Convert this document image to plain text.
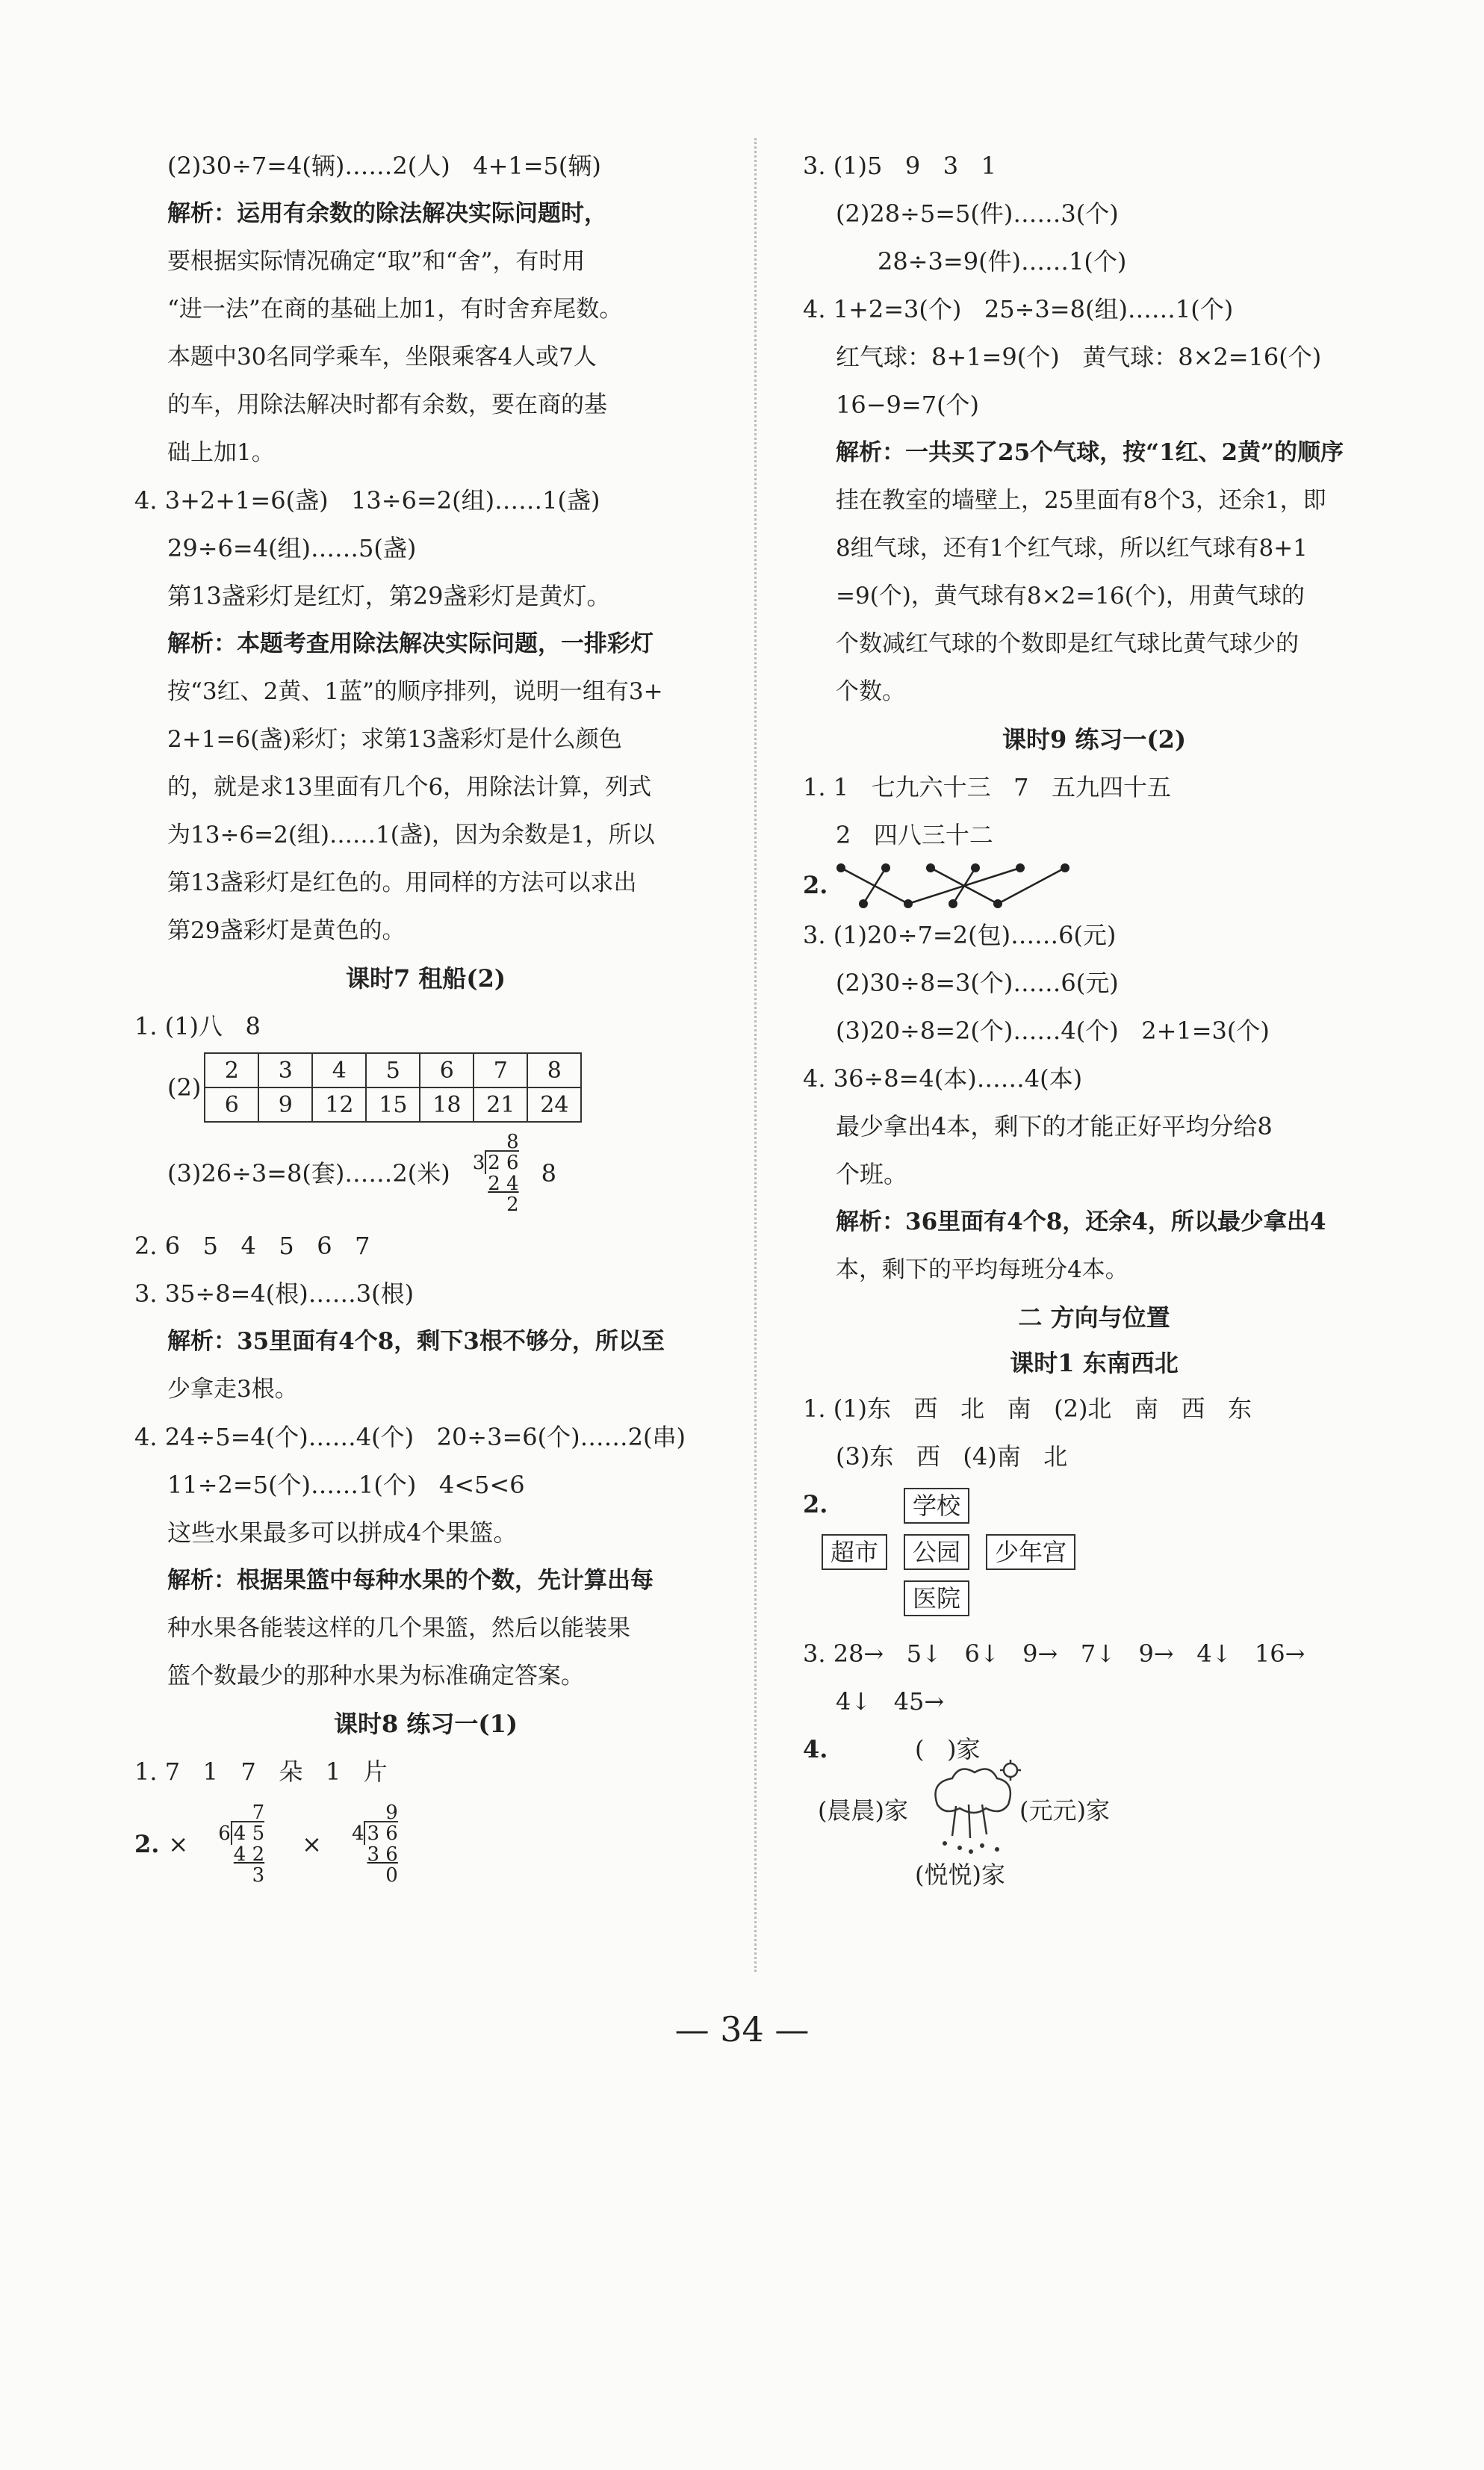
(2)30÷7=4(辆)……2(人)   4+1=5(辆)
解析：运用有余数的除法解决实际问题时，
要根据实际情况确定“取”和“舍”，有时用
“进一法”在商的基础上加1，有时舍弃尾数。
本题中30名同学乘车，坐限乘客4人或7人
的车，用除法解决时都有余数，要在商的基
础上加1。
4. 3+2+1=6(盏)   13÷6=2(组)……1(盏)
29÷6=4(组)……5(盏)
第13盏彩灯是红灯，第29盏彩灯是黄灯。
解析：本题考查用除法解决实际问题，一排彩灯
按“3红、2黄、1蓝”的顺序排列，说明一组有3+
2+1=6(盏)彩灯；求第13盏彩灯是什么颜色
的，就是求13里面有几个6，用除法计算，列式
为13÷6=2(组)……1(盏)，因为余数是1，所以
第13盏彩灯是红色的。用同样的方法可以求出
第29盏彩灯是黄色的。
课时7 租船(2)
1. (1)八   8
(2)
2	3	4	5	6	7	8
6	9	12	15	18	21	24
(3)26÷3=8(套)……2(米)
8
3 2 6
2 4
2
8
2. 6   5   4   5   6   7
3. 35÷8=4(根)……3(根)
解析：35里面有4个8，剩下3根不够分，所以至
少拿走3根。
4. 24÷5=4(个)……4(个)   20÷3=6(个)……2(串)
11÷2=5(个)……1(个)   4<5<6
这些水果最多可以拼成4个果篮。
解析：根据果篮中每种水果的个数，先计算出每
种水果各能装这样的几个果篮，然后以能装果
篮个数最少的那种水果为标准确定答案。
课时8 练习一(1)
1. 7   1   7   朵   1   片
2. ×
7
6 4 5
4 2
3
×
9
4 3 6
3 6
0
3. (1)5   9   3   1
(2)28÷5=5(件)……3(个)
28÷3=9(件)……1(个)
4. 1+2=3(个)   25÷3=8(组)……1(个)
红气球：8+1=9(个)   黄气球：8×2=16(个)
16−9=7(个)
解析：一共买了25个气球，按“1红、2黄”的顺序
挂在教室的墙壁上，25里面有8个3，还余1，即
8组气球，还有1个红气球，所以红气球有8+1
=9(个)，黄气球有8×2=16(个)，用黄气球的
个数减红气球的个数即是红气球比黄气球少的
个数。
课时9 练习一(2)
1. 1   七九六十三   7   五九四十五
2   四八三十二
2.
3. (1)20÷7=2(包)……6(元)
(2)30÷8=3(个)……6(元)
(3)20÷8=2(个)……4(个)   2+1=3(个)
4. 36÷8=4(本)……4(本)
最少拿出4本，剩下的才能正好平均分给8
个班。
解析：36里面有4个8，还余4，所以最少拿出4
本，剩下的平均每班分4本。
二 方向与位置
课时1 东南西北
1. (1)东   西   北   南   (2)北   南   西   东
(3)东   西   (4)南   北
2.	学校
超市	公园	少年宫
医院
3. 28→   5↓   6↓   9→   7↓   9→   4↓   16→
4↓   45→
4.	(   )家
(晨晨)家	(元元)家
(悦悦)家
— 34 —
